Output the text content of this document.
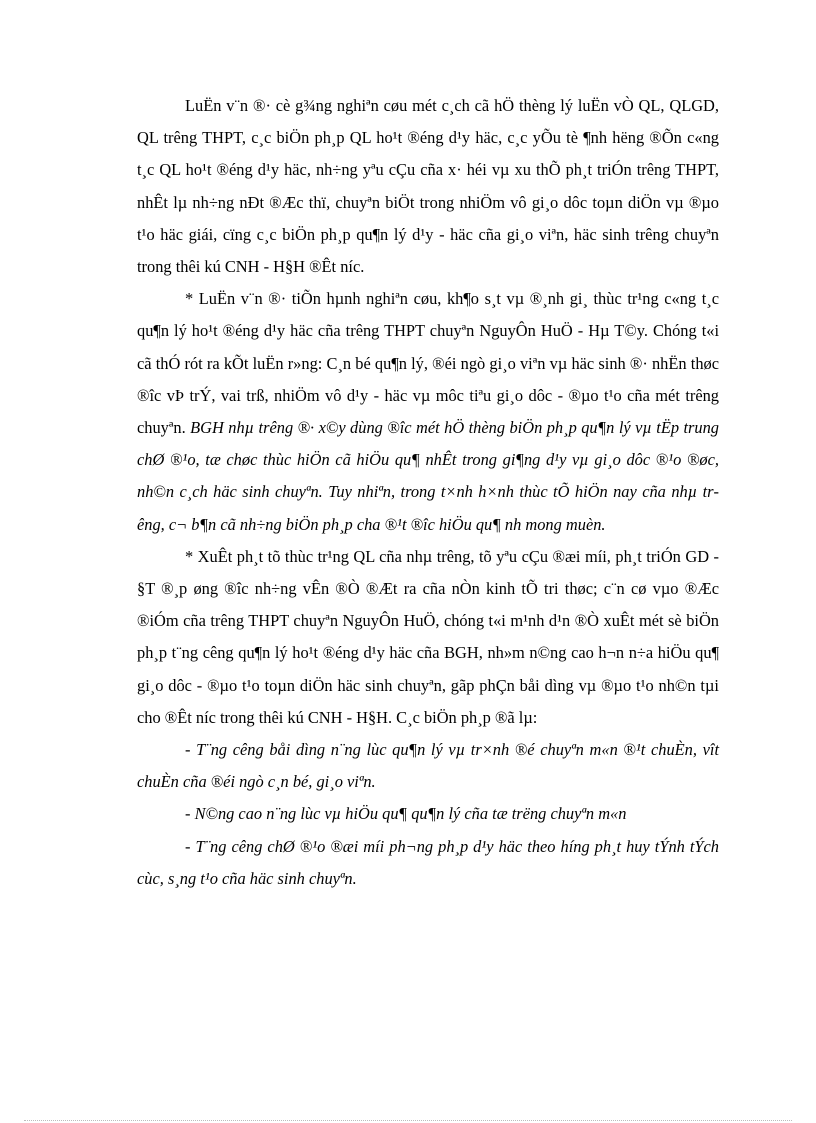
LuËn v¨n ®· cè g¾ng nghiªn cøu mét c¸ch cã hÖ thèng lý luËn vÒ QL, QLGD, QL trêng THPT, c¸c biÖn ph¸p QL ho¹t ®éng d¹y häc, c¸c yÕu tè ¶nh hëng ®Õn c«ng t¸c QL ho¹t ®éng d¹y häc, nh÷ng yªu cÇu cña x· héi vµ xu thÕ ph¸t triÓn trêng THPT, nhÊt lµ nh÷ng nÐt ®Æc thï, chuyªn biÖt trong nhiÖm vô gi¸o dôc toµn diÖn vµ ®µo t¹o häc giái, cïng c¸c biÖn ph¸p qu¶n lý d¹y - häc cña gi¸o viªn, häc sinh trêng chuyªn trong thêi kú CNH - H§H ®Êt níc.

* LuËn v¨n ®· tiÕn hµnh nghiªn cøu, kh¶o s¸t vµ ®¸nh gi¸ thùc tr¹ng c«ng t¸c qu¶n lý ho¹t ®éng d¹y häc cña trêng THPT chuyªn NguyÔn HuÖ - Hµ T©y. Chóng t«i cã thÓ rót ra kÕt luËn r»ng: C¸n bé qu¶n lý, ®éi ngò gi¸o viªn vµ häc sinh ®· nhËn thøc ®îc vÞ trÝ, vai trß, nhiÖm vô d¹y - häc vµ môc tiªu gi¸o dôc - ®µo t¹o cña mét trêng chuyªn. BGH nhµ trêng ®· x©y dùng ®îc mét hÖ thèng biÖn ph¸p qu¶n lý vµ tËp trung chØ ®¹o, tæ chøc thùc hiÖn cã hiÖu qu¶ nhÊt trong gi¶ng d¹y vµ gi¸o dôc ®¹o ®øc, nh©n c¸ch häc sinh chuyªn. Tuy nhiªn, trong t×nh h×nh thùc tÕ hiÖn nay cña nhµ trêng, c¬ b¶n cã nh÷ng biÖn ph¸p cha ®¹t ®îc hiÖu qu¶ nh mong muèn.

* XuÊt ph¸t tõ thùc tr¹ng QL cña nhµ trêng, tõ yªu cÇu ®æi míi, ph¸t triÓn GD - §T ®¸p øng ®îc nh÷ng vÊn ®Ò ®Æt ra cña nÒn kinh tÕ tri thøc; c¨n cø vµo ®Æc ®iÓm cña trêng THPT chuyªn NguyÔn HuÖ, chóng t«i m¹nh d¹n ®Ò xuÊt mét sè biÖn ph¸p t¨ng cêng qu¶n lý ho¹t ®éng d¹y häc cña BGH, nh»m n©ng cao h¬n n÷a hiÖu qu¶ gi¸o dôc - ®µo t¹o toµn diÖn häc sinh chuyªn, gãp phÇn båi dìng vµ ®µo t¹o nh©n tµi cho ®Êt níc trong thêi kú CNH - H§H. C¸c biÖn ph¸p ®ã lµ:

- T¨ng cêng båi dìng n¨ng lùc qu¶n lý vµ tr×nh ®é chuyªn m«n ®¹t chuÈn, vît chuÈn cña ®éi ngò c¸n bé, gi¸o viªn.

- N©ng cao n¨ng lùc vµ hiÖu qu¶ qu¶n lý cña tæ trëng chuyªn m«n

- T¨ng cêng chØ ®¹o ®æi míi ph¬ng ph¸p d¹y häc theo híng ph¸t huy tÝnh tÝch cùc, s¸ng t¹o cña häc sinh chuyªn.
